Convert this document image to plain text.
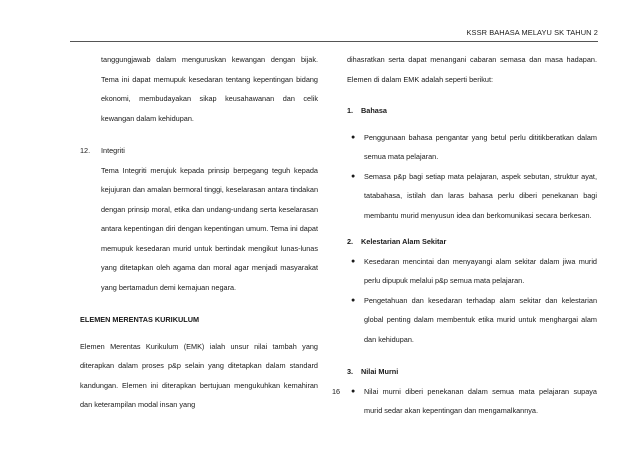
KSSR BAHASA MELAYU SK TAHUN 2

tanggungjawab dalam menguruskan kewangan dengan bijak. Tema ini dapat memupuk kesedaran tentang kepentingan bidang ekonomi, membudayakan sikap keusahawanan dan celik kewangan dalam kehidupan.

12. Integriti

Tema Integriti merujuk kepada prinsip berpegang teguh kepada kejujuran dan amalan bermoral tinggi, keselarasan antara tindakan dengan prinsip moral, etika dan undang-undang serta keselarasan antara kepentingan diri dengan kepentingan umum. Tema ini dapat memupuk kesedaran murid untuk bertindak mengikut lunas-lunas yang ditetapkan oleh agama dan moral agar menjadi masyarakat yang bertamadun demi kemajuan negara.

ELEMEN MERENTAS KURIKULUM

Elemen Merentas Kurikulum (EMK) ialah unsur nilai tambah yang diterapkan dalam proses p&p selain yang ditetapkan dalam standard kandungan. Elemen ini diterapkan bertujuan mengukuhkan kemahiran dan keterampilan modal insan yang

dihasratkan serta dapat menangani cabaran semasa dan masa hadapan. Elemen di dalam EMK adalah seperti berikut:

1.	Bahasa
●	Penggunaan bahasa pengantar yang betul perlu dititikberatkan dalam semua mata pelajaran.

●	Semasa p&p bagi setiap mata pelajaran, aspek sebutan, struktur ayat, tatabahasa, istilah dan laras bahasa perlu diberi penekanan bagi membantu murid menyusun idea dan berkomunikasi secara berkesan.

2.	Kelestarian Alam Sekitar
●	Kesedaran mencintai dan menyayangi alam sekitar dalam jiwa murid perlu dipupuk melalui p&p semua mata pelajaran.

●	Pengetahuan dan kesedaran terhadap alam sekitar dan kelestarian global penting dalam membentuk etika murid untuk menghargai alam dan kehidupan.

3.	Nilai Murni
●	Nilai murni diberi penekanan dalam semua mata pelajaran supaya murid sedar akan kepentingan dan mengamalkannya.

16
